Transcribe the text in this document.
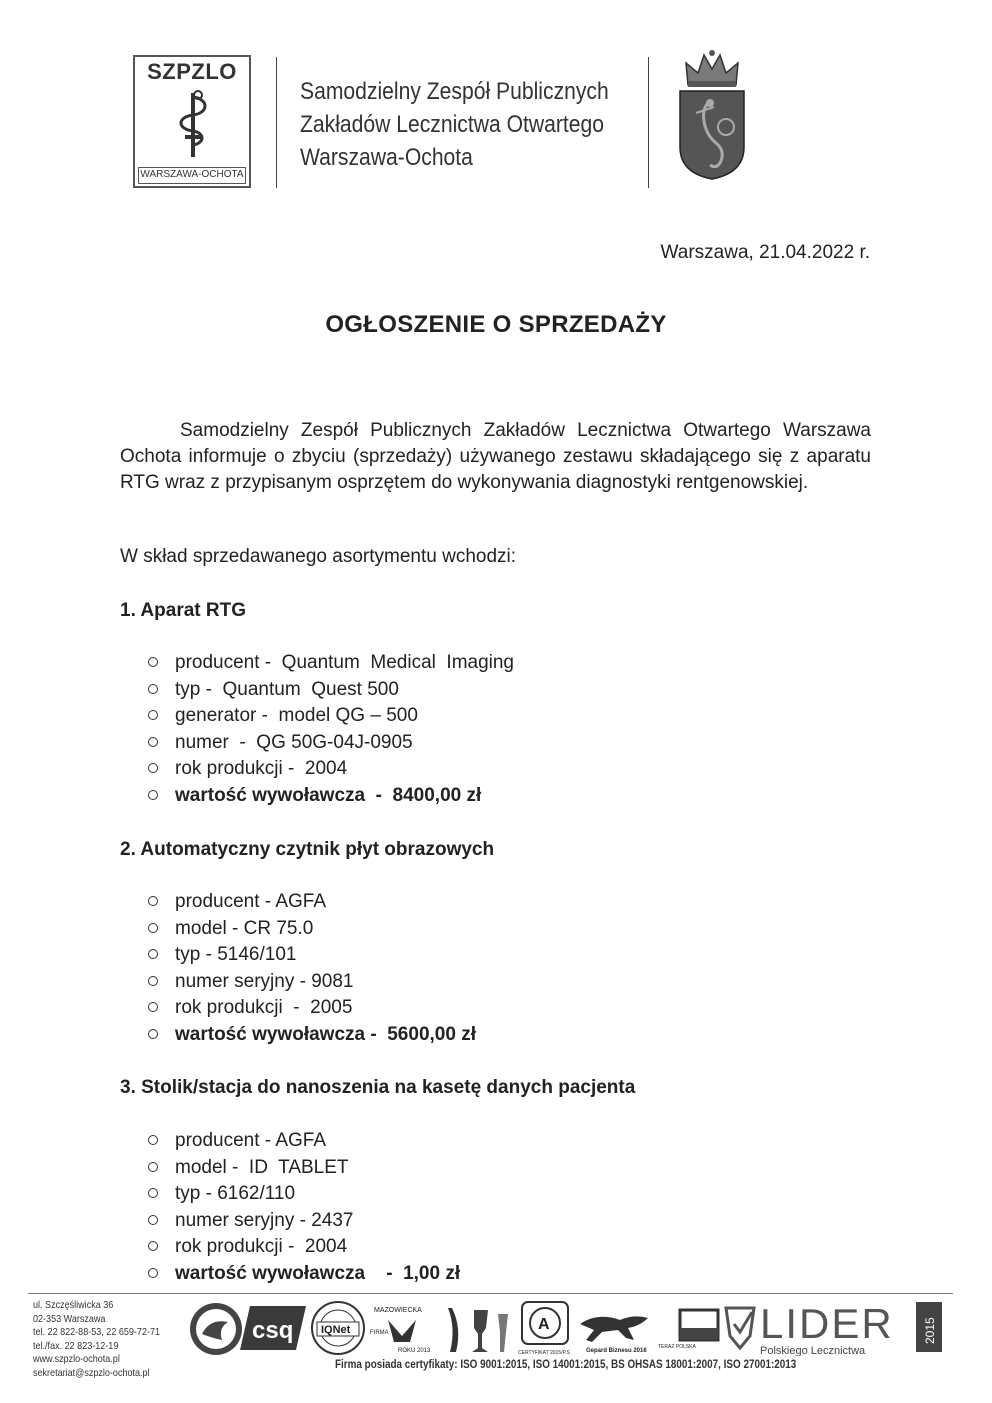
SZPZLO
WARSZAWA-OCHOTA
Samodzielny Zespół Publicznych
Zakładów Lecznictwa Otwartego
Warszawa-Ochota
Warszawa, 21.04.2022 r.
OGŁOSZENIE O SPRZEDAŻY

Samodzielny Zespół Publicznych Zakładów Lecznictwa Otwartego Warszawa Ochota informuje o zbyciu (sprzedaży) używanego zestawu składającego się z aparatu RTG wraz z przypisanym osprzętem do wykonywania diagnostyki rentgenowskiej.

W skład sprzedawanego asortymentu wchodzi:
1. Aparat RTG
producent -  Quantum  Medical  Imaging
typ -  Quantum  Quest 500
generator -  model QG – 500
numer  -  QG 50G-04J-0905
rok produkcji -  2004
wartość wywoławcza  -  8400,00 zł
2. Automatyczny czytnik płyt obrazowych
producent - AGFA
model - CR 75.0
typ - 5146/101
numer seryjny - 9081
rok produkcji  -  2005
wartość wywoławcza -  5600,00 zł
3. Stolik/stacja do nanoszenia na kasetę danych pacjenta
producent - AGFA
model -  ID  TABLET
typ - 6162/110
numer seryjny - 2437
rok produkcji -  2004
wartość wywoławcza    -  1,00 zł
ul. Szczęśliwicka 36
02-353 Warszawa
tel. 22 822-88-53, 22 659-72-71
tel./fax. 22 823-12-19
www.szpzlo-ochota.pl
sekretariat@szpzlo-ochota.pl
csq	IQNet
MAZOWIECKA
FIRMA
ROKU 2013
A
CERTYFIKAT 2015/P.S	Gepard Biznesu 2016
TERAZ POLSKA LIDER
Polskiego Lecznictwa
2015
Firma posiada certyfikaty: ISO 9001:2015, ISO 14001:2015, BS OHSAS 18001:2007, ISO 27001:2013
